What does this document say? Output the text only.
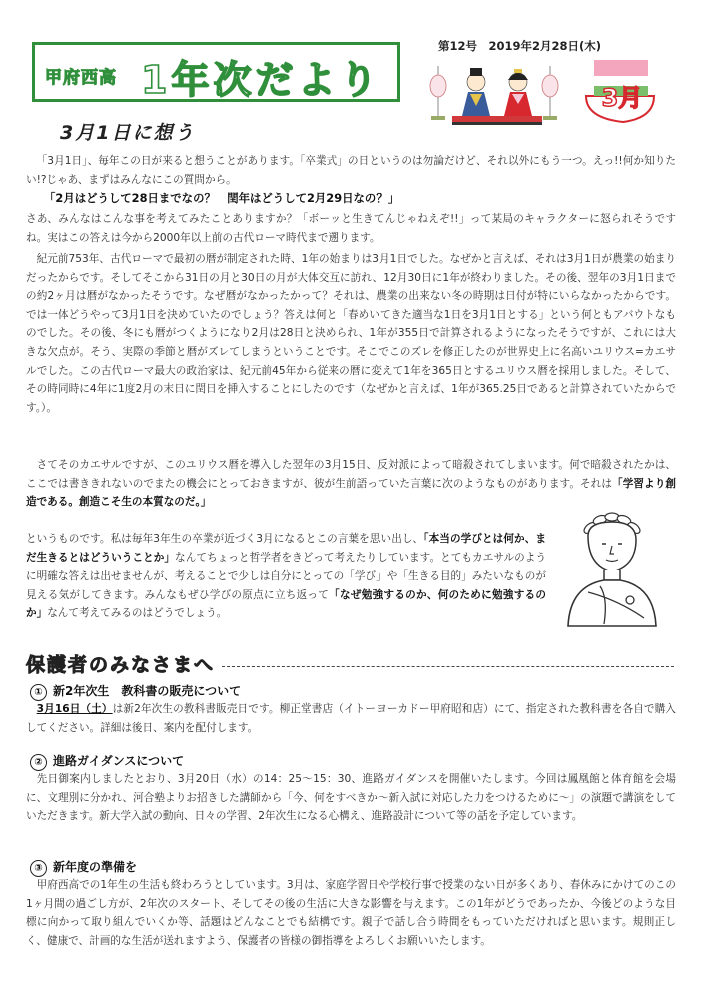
甲府西高 1年次だより
第12号　2019年2月28日(木)
3月
3月1日に想う
「3月1日」、毎年この日が来ると想うことがあります。「卒業式」の日というのは勿論だけど、それ以外にもう一つ。えっ!!何か知りたい!?じゃあ、まずはみんなにこの質問から。
「2月はどうして28日までなの？　閏年はどうして2月29日なの？」
さあ、みんなはこんな事を考えてみたことありますか？「ボーッと生きてんじゃねえぞ!!」って某局のキャラクターに怒られそうですね。実はこの答えは今から2000年以上前の古代ローマ時代まで遡ります。
紀元前753年、古代ローマで最初の暦が制定された時、1年の始まりは3月1日でした。なぜかと言えば、それは3月1日が農業の始まりだったからです。そしてそこから31日の月と30日の月が大体交互に訪れ、12月30日に1年が終わりました。その後、翌年の3月1日までの約2ヶ月は暦がなかったそうです。なぜ暦がなかったかって？それは、農業の出来ない冬の時期は日付が特にいらなかったからです。では一体どうやって3月1日を決めていたのでしょう？答えは何と「春めいてきた適当な1日を3月1日とする」という何ともアバウトなものでした。その後、冬にも暦がつくようになり2月は28日と決められ、1年が355日で計算されるようになったそうですが、これには大きな欠点が。そう、実際の季節と暦がズレてしまうということです。そこでこのズレを修正したのが世界史上に名高いユリウス=カエサルでした。この古代ローマ最大の政治家は、紀元前45年から従来の暦に変えて1年を365日とするユリウス暦を採用しました。そして、その時同時に4年に1度2月の末日に閏日を挿入することにしたのです（なぜかと言えば、1年が365.25日であると計算されていたからです。）。
さてそのカエサルですが、このユリウス暦を導入した翌年の3月15日、反対派によって暗殺されてしまいます。何で暗殺されたかは、ここでは書ききれないのでまたの機会にとっておきますが、彼が生前語っていた言葉に次のようなものがあります。それは「学習より創造である。創造こそ生の本質なのだ。」
というものです。私は毎年3年生の卒業が近づく3月になるとこの言葉を思い出し、「本当の学びとは何か、まだ生きるとはどういうことか」なんてちょっと哲学者をきどって考えたりしています。とてもカエサルのように明確な答えは出せませんが、考えることで少しは自分にとっての「学び」や「生きる目的」みたいなものが見える気がしてきます。みんなもぜひ学びの原点に立ち返って「なぜ勉強するのか、何のために勉強するのか」なんて考えてみるのはどうでしょう。
保護者のみなさまへ
① 新2年次生　教科書の販売について
3月16日（土）は新2年次生の教科書販売日です。柳正堂書店（イトーヨーカドー甲府昭和店）にて、指定された教科書を各自で購入してください。詳細は後日、案内を配付します。
② 進路ガイダンスについて
先日御案内しましたとおり、3月20日（水）の14：25〜15：30、進路ガイダンスを開催いたします。今回は鳳凰館と体育館を会場に、文理別に分かれ、河合塾よりお招きした講師から「今、何をすべきか〜新入試に対応した力をつけるために〜」の演題で講演をしていただきます。新大学入試の動向、日々の学習、2年次生になる心構え、進路設計について等の話を予定しています。
③ 新年度の準備を
甲府西高での1年生の生活も終わろうとしています。3月は、家庭学習日や学校行事で授業のない日が多くあり、春休みにかけてのこの1ヶ月間の過ごし方が、2年次のスタート、そしてその後の生活に大きな影響を与えます。この1年がどうであったか、今後どのような目標に向かって取り組んでいくか等、話題はどんなことでも結構です。親子で話し合う時間をもっていただければと思います。規則正しく、健康で、計画的な生活が送れますよう、保護者の皆様の御指導をよろしくお願いいたします。
